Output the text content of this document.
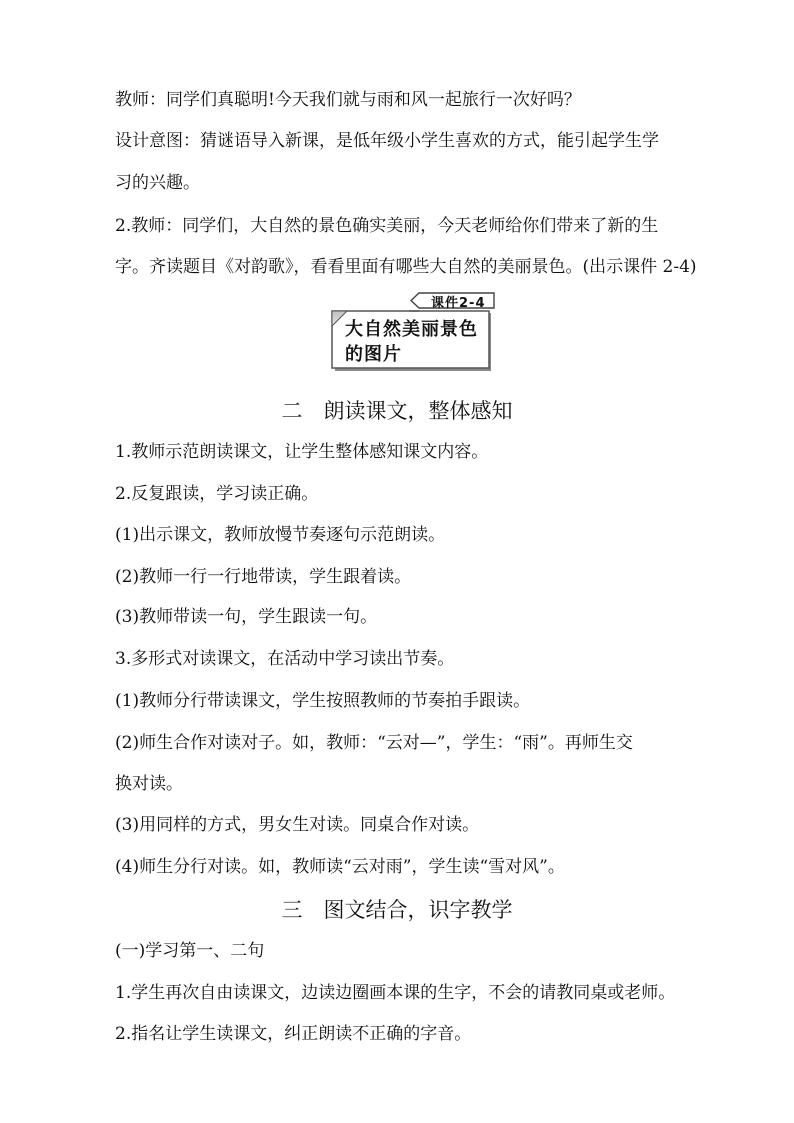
教师：同学们真聪明!今天我们就与雨和风一起旅行一次好吗？
设计意图：猜谜语导入新课，是低年级小学生喜欢的方式，能引起学生学
习的兴趣。
2.教师：同学们，大自然的景色确实美丽，今天老师给你们带来了新的生
字。齐读题目《对韵歌》，看看里面有哪些大自然的美丽景色。(出示课件 2-4)
课件2-4
大自然美丽景色
的图片
二　朗读课文，整体感知
1.教师示范朗读课文，让学生整体感知课文内容。
2.反复跟读，学习读正确。
(1)出示课文，教师放慢节奏逐句示范朗读。
(2)教师一行一行地带读，学生跟着读。
(3)教师带读一句，学生跟读一句。
3.多形式对读课文，在活动中学习读出节奏。
(1)教师分行带读课文，学生按照教师的节奏拍手跟读。
(2)师生合作对读对子。如，教师：“云对—”，学生：“雨”。再师生交
换对读。
(3)用同样的方式，男女生对读。同桌合作对读。
(4)师生分行对读。如，教师读“云对雨”，学生读“雪对风”。
三　图文结合，识字教学
(一)学习第一、二句
1.学生再次自由读课文，边读边圈画本课的生字，不会的请教同桌或老师。
2.指名让学生读课文，纠正朗读不正确的字音。
